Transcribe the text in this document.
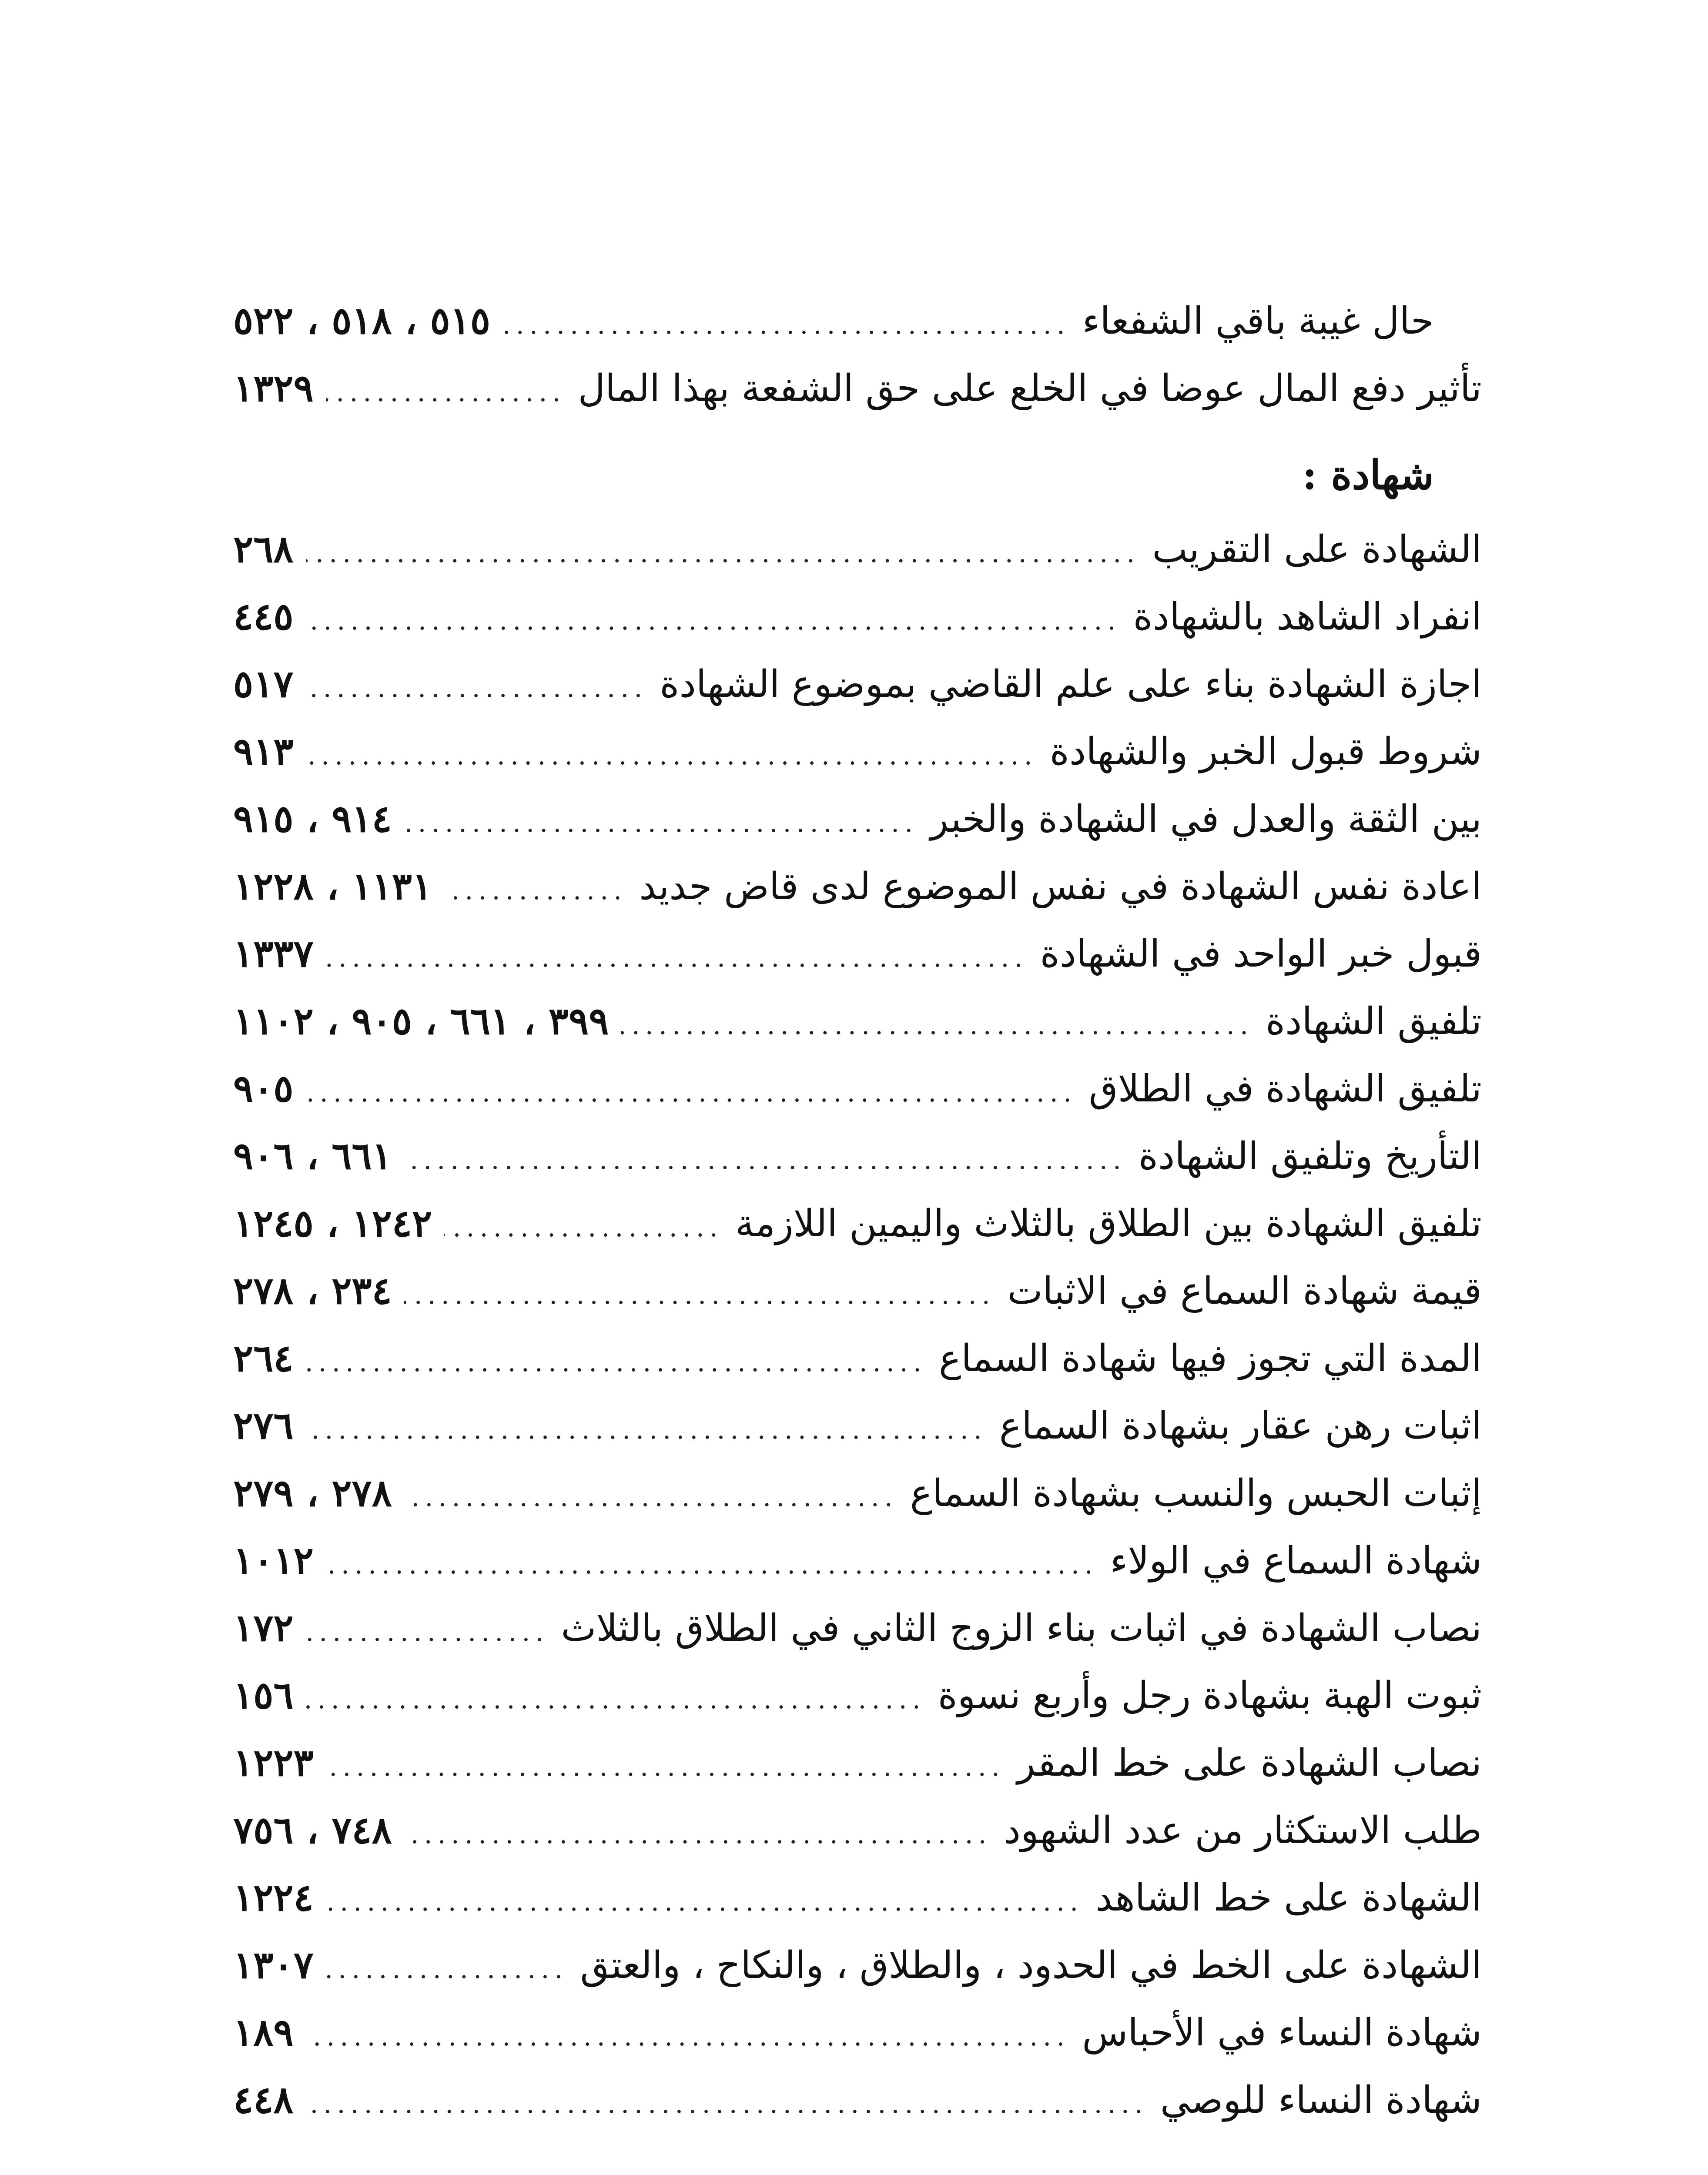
حال غيبة باقي الشفعاء
.....
٥١٥ ، ٥١٨ ، ٥٢٢
تأثير دفع المال عوضا في الخلع على حق الشفعة بهذا المال
.....
١٣٢٩
شهادة :
الشهادة على التقريب
.....
٢٦٨
انفراد الشاهد بالشهادة
.....
٤٤٥
اجازة الشهادة بناء على علم القاضي بموضوع الشهادة
.....
٥١٧
شروط قبول الخبر والشهادة
.....
٩١٣
بين الثقة والعدل في الشهادة والخبر
.....
٩١٤ ، ٩١٥
اعادة نفس الشهادة في نفس الموضوع لدى قاض جديد
.....
١١٣١ ، ١٢٢٨
قبول خبر الواحد في الشهادة
.....
١٣٣٧
تلفيق الشهادة
.....
٣٩٩ ، ٦٦١ ، ٩٠٥ ، ١١٠٢
تلفيق الشهادة في الطلاق
.....
٩٠٥
التأريخ وتلفيق الشهادة
.....
٦٦١ ، ٩٠٦
تلفيق الشهادة بين الطلاق بالثلاث واليمين اللازمة
.....
١٢٤٢ ، ١٢٤٥
قيمة شهادة السماع في الاثبات
.....
٢٣٤ ، ٢٧٨
المدة التي تجوز فيها شهادة السماع
.....
٢٦٤
اثبات رهن عقار بشهادة السماع
.....
٢٧٦
إثبات الحبس والنسب بشهادة السماع
.....
٢٧٨ ، ٢٧٩
شهادة السماع في الولاء
.....
١٠١٢
نصاب الشهادة في اثبات بناء الزوج الثاني في الطلاق بالثلاث
.....
١٧٢
ثبوت الهبة بشهادة رجل وأربع نسوة
.....
١٥٦
نصاب الشهادة على خط المقر
.....
١٢٢٣
طلب الاستكثار من عدد الشهود
.....
٧٤٨ ، ٧٥٦
الشهادة على خط الشاهد
.....
١٢٢٤
الشهادة على الخط في الحدود ، والطلاق ، والنكاح ، والعتق
.....
١٣٠٧
شهادة النساء في الأحباس
.....
١٨٩
شهادة النساء للوصي
.....
٤٤٨
